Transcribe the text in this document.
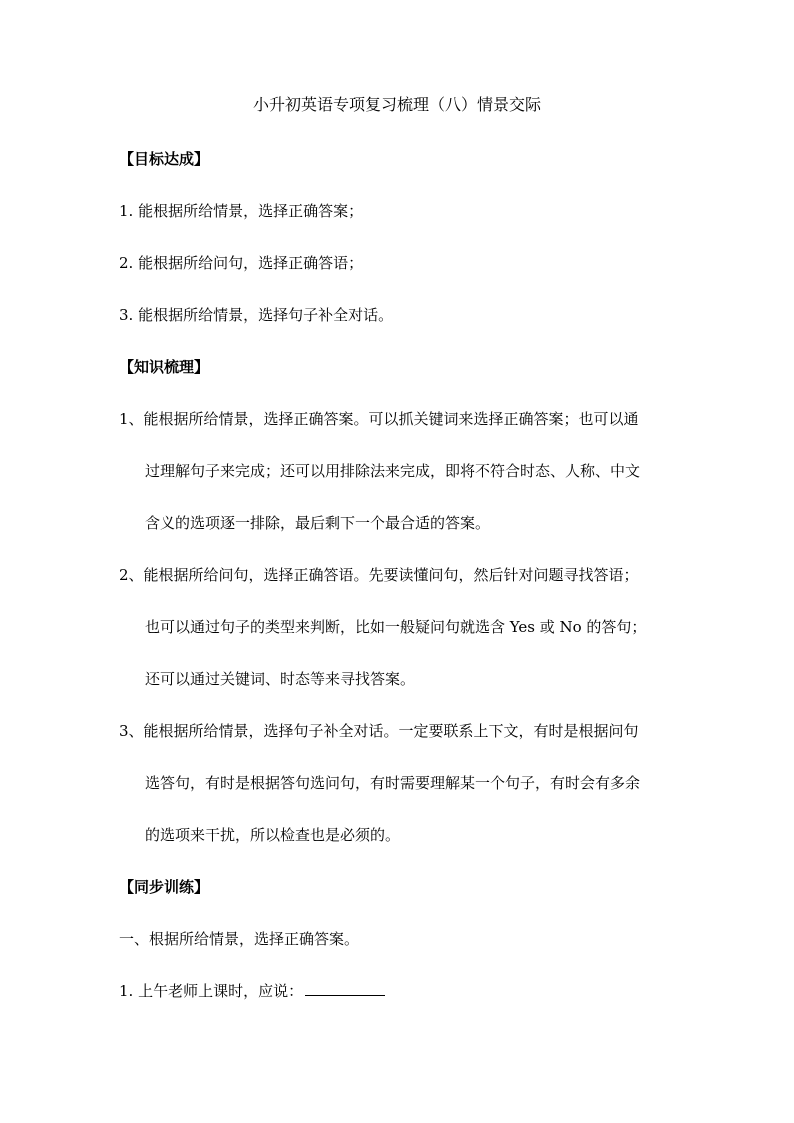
小升初英语专项复习梳理（八）情景交际
【目标达成】
1. 能根据所给情景，选择正确答案；
2. 能根据所给问句，选择正确答语；
3. 能根据所给情景，选择句子补全对话。
【知识梳理】
1、能根据所给情景，选择正确答案。可以抓关键词来选择正确答案；也可以通
过理解句子来完成；还可以用排除法来完成，即将不符合时态、人称、中文
含义的选项逐一排除，最后剩下一个最合适的答案。
2、能根据所给问句，选择正确答语。先要读懂问句，然后针对问题寻找答语；
也可以通过句子的类型来判断，比如一般疑问句就选含 Yes 或 No 的答句；
还可以通过关键词、时态等来寻找答案。
3、能根据所给情景，选择句子补全对话。一定要联系上下文，有时是根据问句
选答句，有时是根据答句选问句，有时需要理解某一个句子，有时会有多余
的选项来干扰，所以检查也是必须的。
【同步训练】
一、根据所给情景，选择正确答案。
1. 上午老师上课时，应说：
